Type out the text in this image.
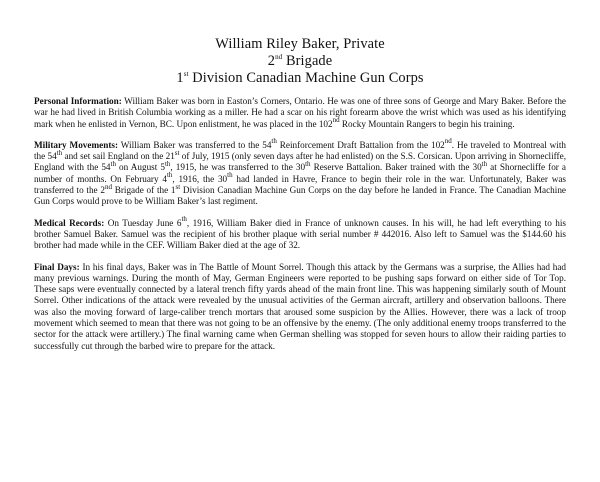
William Riley Baker, Private
2nd Brigade
1st Division Canadian Machine Gun Corps

Personal Information: William Baker was born in Easton’s Corners, Ontario. He was one of three sons of George and Mary Baker. Before the war he had lived in British Columbia working as a miller. He had a scar on his right forearm above the wrist which was used as his identifying mark when he enlisted in Vernon, BC. Upon enlistment, he was placed in the 102nd Rocky Mountain Rangers to begin his training.

Military Movements: William Baker was transferred to the 54th Reinforcement Draft Battalion from the 102nd. He traveled to Montreal with the 54th and set sail England on the 21st of July, 1915 (only seven days after he had enlisted) on the S.S. Corsican. Upon arriving in Shornecliffe, England with the 54th on August 5th, 1915, he was transferred to the 30th Reserve Battalion. Baker trained with the 30th at Shornecliffe for a number of months. On February 4th, 1916, the 30th had landed in Havre, France to begin their role in the war. Unfortunately, Baker was transferred to the 2nd Brigade of the 1st Division Canadian Machine Gun Corps on the day before he landed in France. The Canadian Machine Gun Corps would prove to be William Baker’s last regiment.

Medical Records: On Tuesday June 6th, 1916, William Baker died in France of unknown causes. In his will, he had left everything to his brother Samuel Baker. Samuel was the recipient of his brother plaque with serial number # 442016. Also left to Samuel was the $144.60 his brother had made while in the CEF. William Baker died at the age of 32.

Final Days: In his final days, Baker was in The Battle of Mount Sorrel. Though this attack by the Germans was a surprise, the Allies had had many previous warnings. During the month of May, German Engineers were reported to be pushing saps forward on either side of Tor Top. These saps were eventually connected by a lateral trench fifty yards ahead of the main front line. This was happening similarly south of Mount Sorrel. Other indications of the attack were revealed by the unusual activities of the German aircraft, artillery and observation balloons. There was also the moving forward of large-caliber trench mortars that aroused some suspicion by the Allies. However, there was a lack of troop movement which seemed to mean that there was not going to be an offensive by the enemy. (The only additional enemy troops transferred to the sector for the attack were artillery.) The final warning came when German shelling was stopped for seven hours to allow their raiding parties to successfully cut through the barbed wire to prepare for the attack.
